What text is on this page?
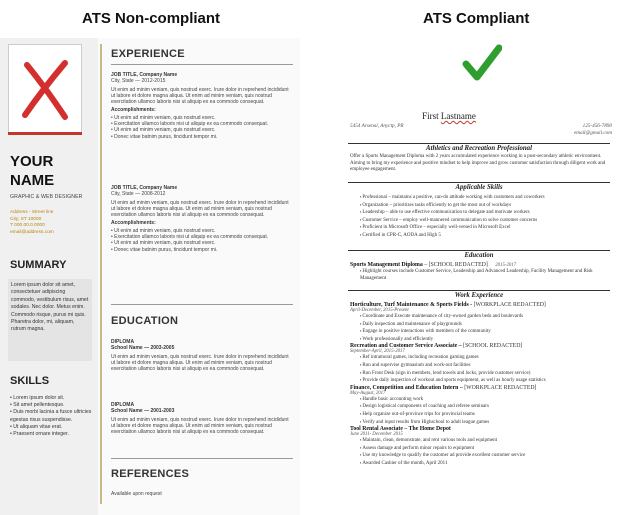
ATS Non-compliant	ATS Compliant
YOUR
NAME
GRAPHIC & WEB DESIGNER
Address - Street line
City, ST 10000
T 000.00.0.0000
email@address.com
SUMMARY
Lorem ipsum dolor sit amet, consectetuer adipiscing commodo, vestibulum risus, amet sodales. Nec dolor. Metus enim. Commodo risque, purus mi quis. Pharetra dolor, mi, aliquam, rutrum magna.
SKILLS
• Lorem ipsum dolor sit.
• Sit amet pellentesque.
• Duis morbi lacinia a fusce ultricies egestas risus suspendisse.
• Ut aliquam vitae erat.
• Praesent ornare integer.
EXPERIENCE
JOB TITLE, Company Name
City, State — 2012-2015

Ut enim ad minim veniam, quis nostrud exerc. Irure dolor in reprehend incididunt ut labore et dolore magna aliqua. Ut enim ad minim veniam, quis nostrud exercitation ullamco laboris nisi ut aliquip ex ea commodo consequat.

Accomplishments:
• Ut enim ad minim veniam, quis nostrud exerc.
• Exercitation ullamco laboris nisi ut aliquip ex ea commodo consequat.
• Ut enim ad minim veniam, quis nostrud exerc.
• Donec vitae batnim purus, tincidunt tempor mi.
JOB TITLE, Company Name
City, State — 2008-2012

Ut enim ad minim veniam, quis nostrud exerc. Irure dolor in reprehend incididunt ut labore et dolore magna aliqua. Ut enim ad minim veniam, quis nostrud exercitation ullamco laboris nisi ut aliquip ex ea commodo consequat.

Accomplishments:
• Ut enim ad minim veniam, quis nostrud exerc.
• Exercitation ullamco laboris nisi ut aliquip ex ea commodo consequat.
• Ut enim ad minim veniam, quis nostrud exerc.
• Donec vitae batnim purus, tincidunt tempor mi.
EDUCATION
DIPLOMA
School Name — 2003-2005

Ut enim ad minim veniam, quis nostrud exerc. Irure dolor in reprehend incididunt ut labore et dolore magna aliqua. Ut enim ad minim veniam, quis nostrud exercitation ullamco laboris nisi ut aliquip ex ea commodo consequat.

DIPLOMA
School Name — 2001-2003

Ut enim ad minim veniam, quis nostrud exerc. Irure dolor in reprehend incididunt ut labore et dolore magna aliqua. Ut enim ad minim veniam, quis nostrud exercitation ullamco laboris nisi ut aliquip ex ea commodo consequat.

REFERENCES
Available upon request
First Lastname
5454 Arsenal, Anyctp, PR	125-456-7890
email@gmail.com
Athletics and Recreation Professional
Offer a Sports Management Diploma with 2 years accumulated experience working in a post-secondary athletic environment. Aiming to bring my experience and positive mindset to help improve and grow customer satisfaction through diligent work and employee engagement.
Applicable Skills
▪ Professional – maintains a positive, can-do attitude working with customers and coworkers
▪ Organization – prioritizes tasks efficiently to get the most out of workdays
▪ Leadership – able to use effective communication to delegate and motivate workers
▪ Customer Service – employ well-mannered communication to solve customer concerns
▪ Proficient in Microsoft Office – especially well-versed in Microsoft Excel
▪ Certified in CPR-C, AODA and High 5
Education
Sports Management Diploma – [SCHOOL REDACTED] 2015-2017
▪ Highlight courses include Customer Service, Leadership and Advanced Leadership, Facility Management and Risk Management
Work Experience
Horticulture, Turf Maintenance & Sports Fields - [WORKPLACE REDACTED]
April-December, 2015-Present
▪ Coordinate and Execute maintenance of city-owned garden beds and boulevards
▪ Daily inspection and maintenance of playgrounds
▪ Engage in positive interactions with members of the community
▪ Work professionally and efficiently
Recreation and Customer Service Associate – [SCHOOL REDACTED]
September-April, 2015-2017
▪ Ref intramural games, including recreation gaming games
▪ Run and supervise gymnasium and work-out facilities
▪ Run Front Desk (sign in members, lend towels and locks, provide customer service)
▪ Provide daily inspection of workout and sports equipment, as well as hourly usage statistics
Finance, Competition and Education Intern – [WORKPLACE REDACTED]
May-August, 2017
▪ Handle basic accounting work
▪ Design logistical components of coaching and referee seminars
▪ Help organize out-of-province trips for provincial teams
▪ Verify and input results from Highschool to adult league games
Tool Rental Associate – The Home Depot
June 2011- December 2015
▪ Maintain, clean, demonstrate, and rent various tools and equipment
▪ Assess damage and perform minor repairs to equipment
▪ Use my knowledge to qualify the customer ad provide excellent customer service
▪ Awarded Cashier of the month, April 2011
